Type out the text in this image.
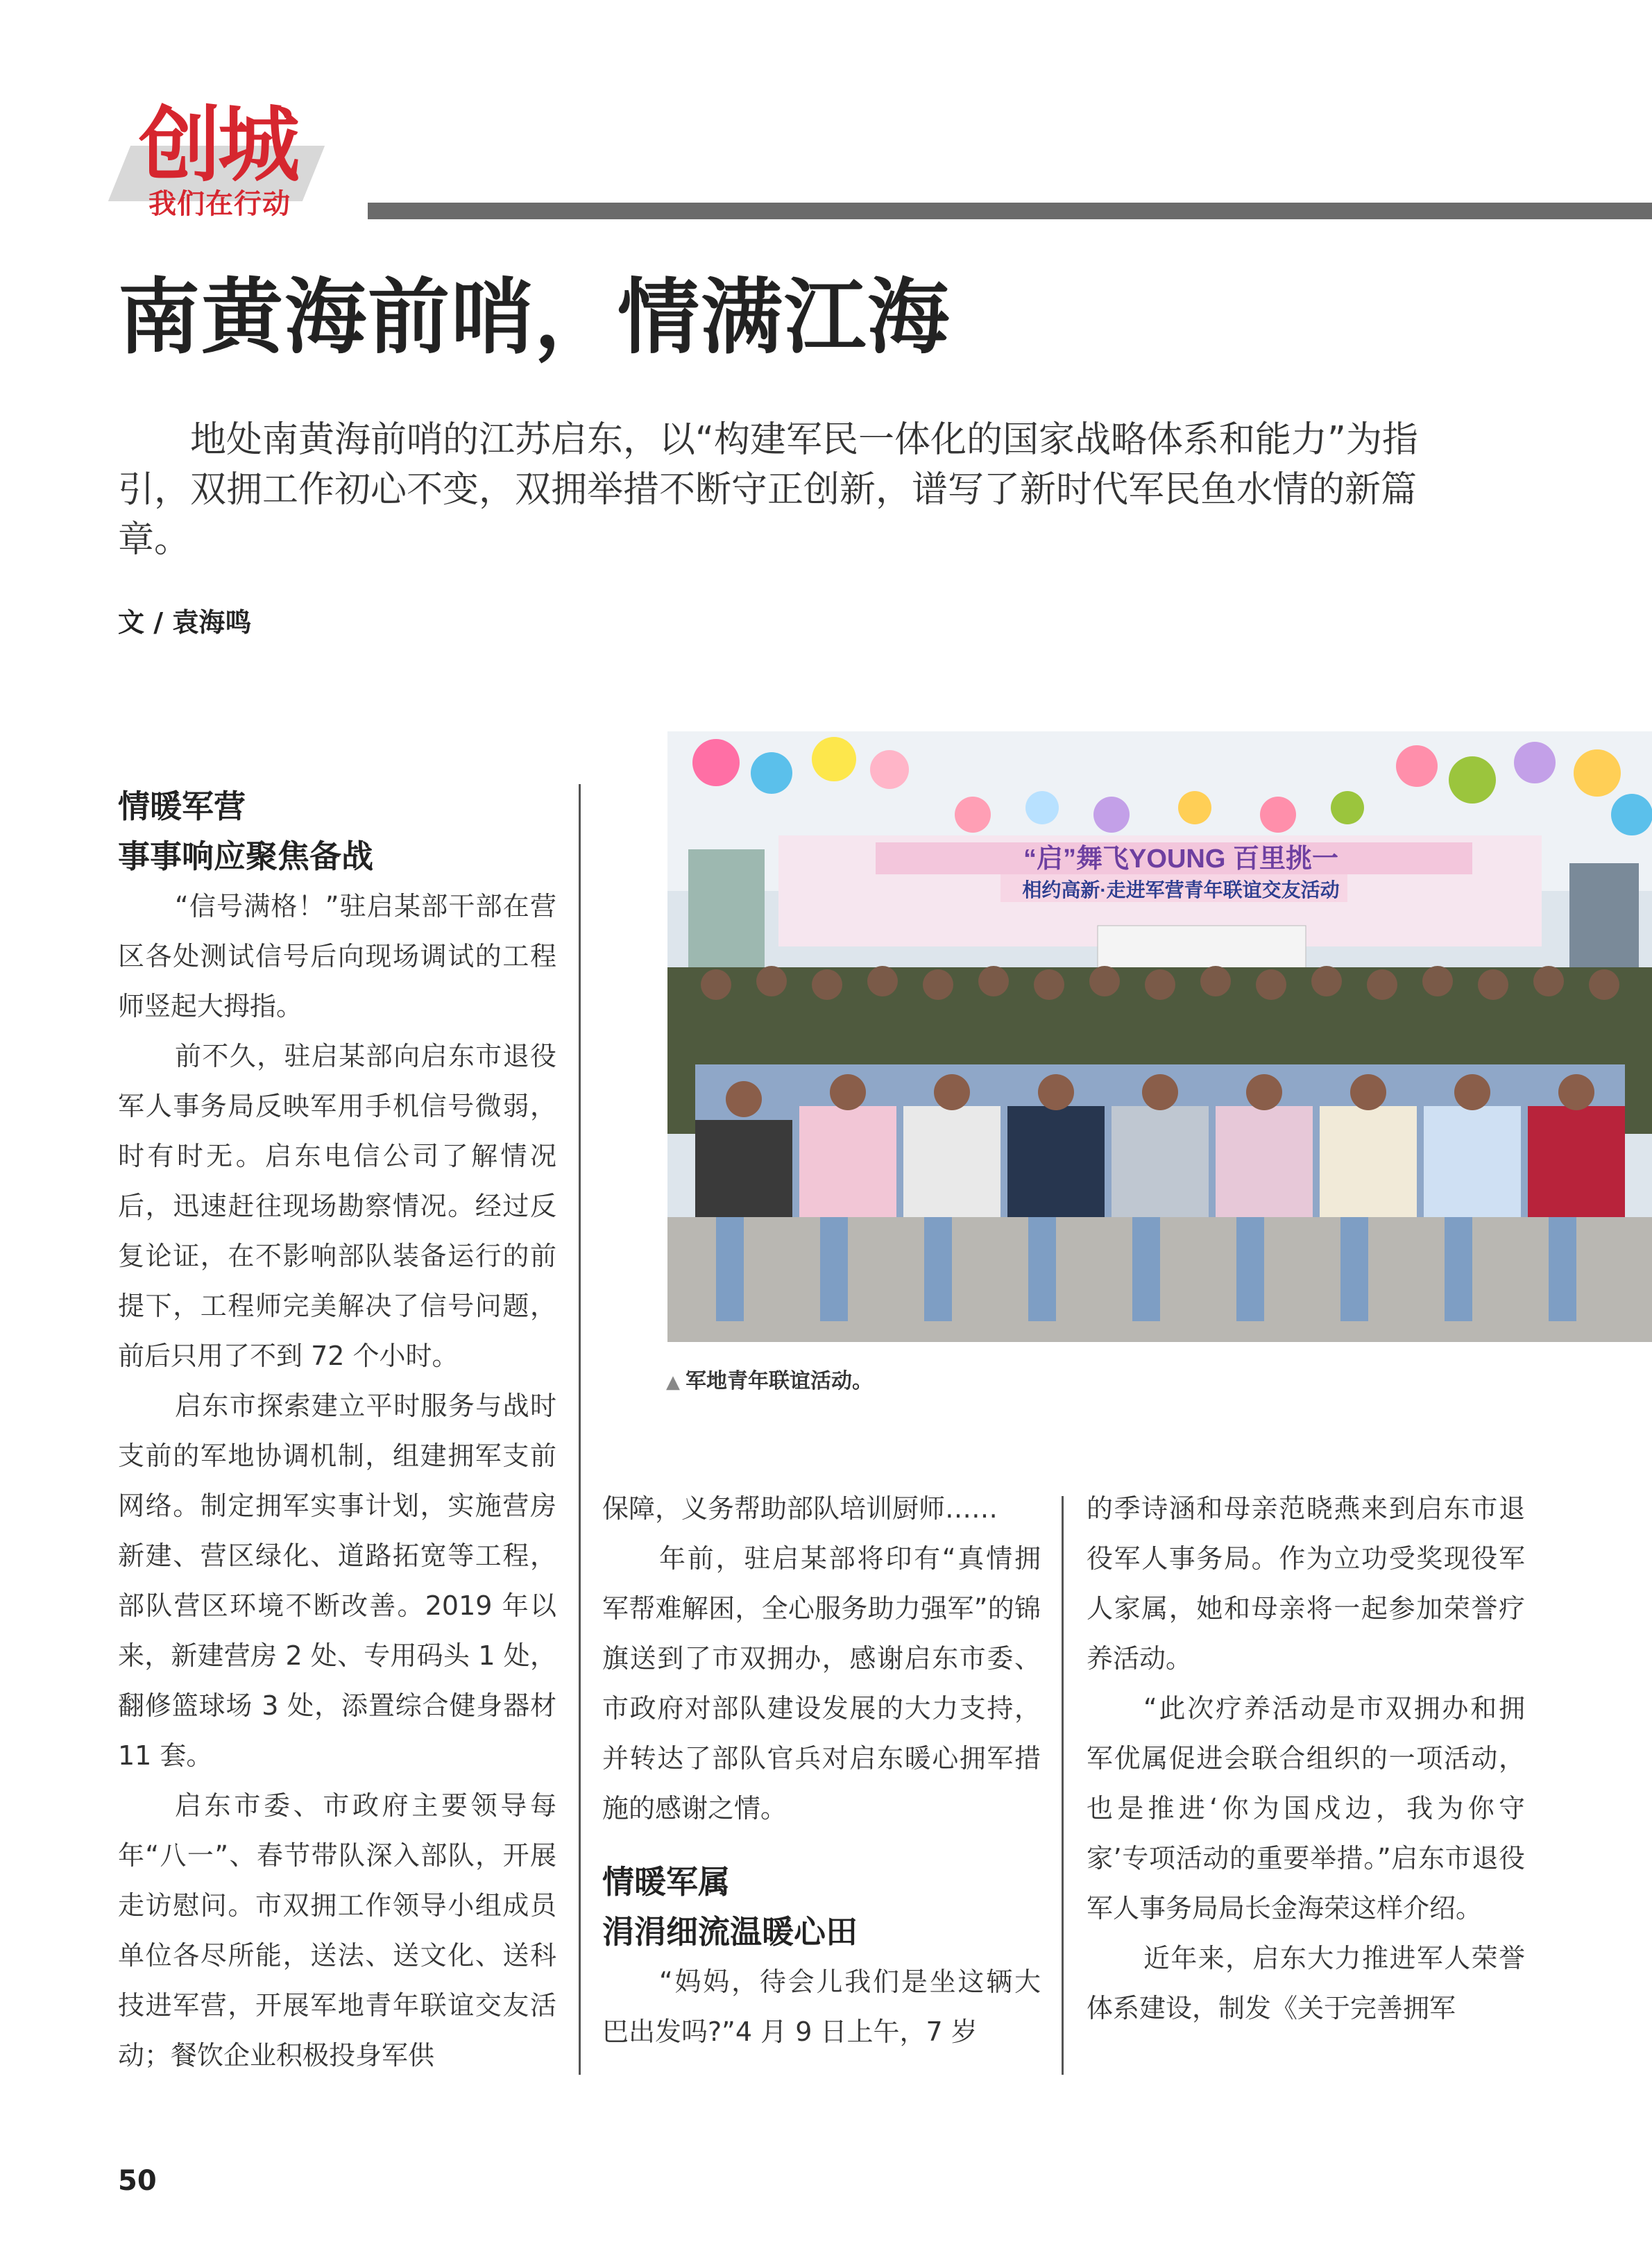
创城
我们在行动
南黄海前哨，情满江海

地处南黄海前哨的江苏启东，以“构建军民一体化的国家战略体系和能力”为指引，双拥工作初心不变，双拥举措不断守正创新，谱写了新时代军民鱼水情的新篇章。

文 / 袁海鸣
“启”舞飞YOUNG 百里挑一
相约高新·走进军营青年联谊交友活动
▲ 军地青年联谊活动。
情暖军营
事事响应聚焦备战

“信号满格！”驻启某部干部在营区各处测试信号后向现场调试的工程师竖起大拇指。

前不久，驻启某部向启东市退役军人事务局反映军用手机信号微弱，时有时无。启东电信公司了解情况后，迅速赶往现场勘察情况。经过反复论证，在不影响部队装备运行的前提下，工程师完美解决了信号问题，前后只用了不到 72 个小时。

启东市探索建立平时服务与战时支前的军地协调机制，组建拥军支前网络。制定拥军实事计划，实施营房新建、营区绿化、道路拓宽等工程，部队营区环境不断改善。2019 年以来，新建营房 2 处、专用码头 1 处，翻修篮球场 3 处，添置综合健身器材 11 套。

启东市委、市政府主要领导每年“八一”、春节带队深入部队，开展走访慰问。市双拥工作领导小组成员单位各尽所能，送法、送文化、送科技进军营，开展军地青年联谊交友活动；餐饮企业积极投身军供

保障，义务帮助部队培训厨师……

年前，驻启某部将印有“真情拥军帮难解困，全心服务助力强军”的锦旗送到了市双拥办，感谢启东市委、市政府对部队建设发展的大力支持，并转达了部队官兵对启东暖心拥军措施的感谢之情。

情暖军属
涓涓细流温暖心田

“妈妈，待会儿我们是坐这辆大巴出发吗?”4 月 9 日上午，7 岁

的季诗涵和母亲范晓燕来到启东市退役军人事务局。作为立功受奖现役军人家属，她和母亲将一起参加荣誉疗养活动。

“此次疗养活动是市双拥办和拥军优属促进会联合组织的一项活动，也是推进‘你为国戍边，我为你守家’专项活动的重要举措。”启东市退役军人事务局局长金海荣这样介绍。

近年来，启东大力推进军人荣誉体系建设，制发《关于完善拥军

50
